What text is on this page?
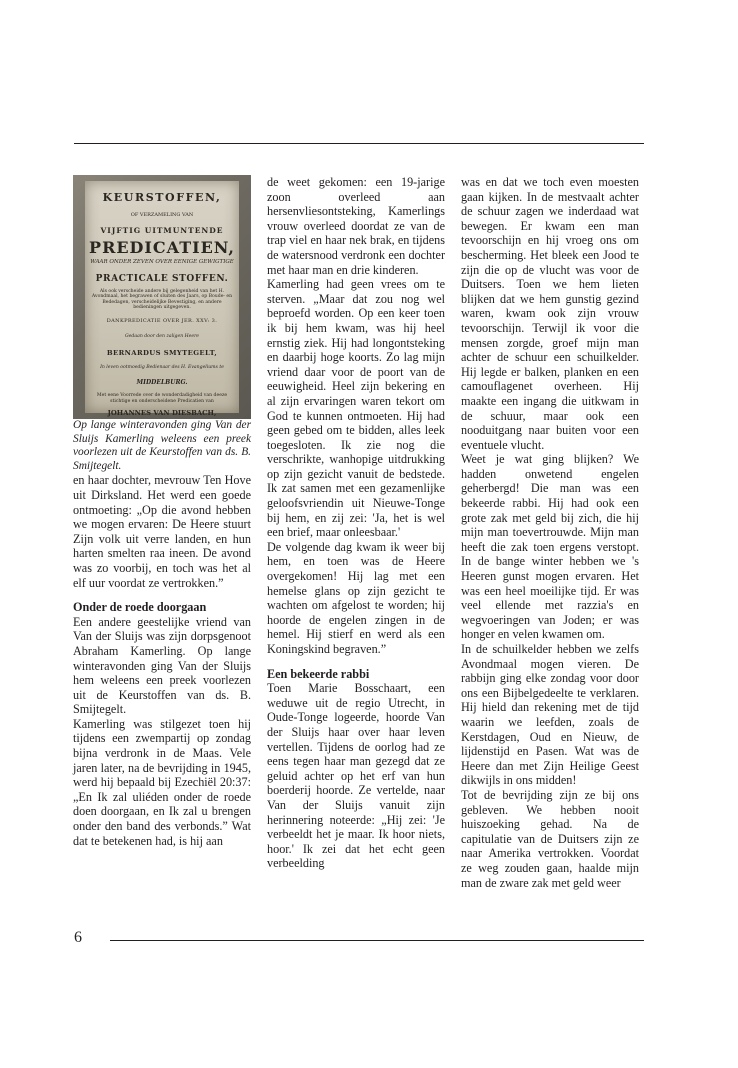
KEURSTOFFEN,
OF VERZAMELING VAN
VIJFTIG UITMUNTENDE
PREDICATIEN,
WAAR ONDER ZEVEN OVER EENIGE GEWIGTIGE
PRACTICALE STOFFEN.
Als ook verscheide andere bij gelegenheid van het H. Avondmaal, het begrawen of sluiten des Jaars, op Boude- en Bededagen, verscheidelijke Bevestiging, en andere bedieningen uitgegeven.
DANKPREDICATIE OVER JER. XXV: 3.
Gedaan door den zaligen Heere
BERNARDUS SMYTEGELT,
In leven ootmoedig Bedienaar des H. Evangeliums te
MIDDELBURG.
Met eene Voorrede over de wonderdadigheid van deeze stichtige en onderscheidene Predicatien van
JOHANNES VAN DIESBACH,

Op lange winteravonden ging Van der Sluijs Kamerling weleens een preek voorlezen uit de Keurstoffen van ds. B. Smijtegelt.

en haar dochter, mevrouw Ten Hove uit Dirksland. Het werd een goede ontmoeting: „Op die avond hebben we mogen ervaren: De Heere stuurt Zijn volk uit verre landen, en hun harten smelten raa ineen. De avond was zo voorbij, en toch was het al elf uur voordat ze vertrokken.”

Onder de roede doorgaan

Een andere geestelijke vriend van Van der Sluijs was zijn dorpsgenoot Abraham Kamerling. Op lange winteravonden ging Van der Sluijs hem weleens een preek voorlezen uit de Keurstoffen van ds. B. Smijtegelt.

Kamerling was stilgezet toen hij tijdens een zwempartij op zondag bijna verdronk in de Maas. Vele jaren later, na de bevrijding in 1945, werd hij bepaald bij Ezechiël 20:37: „En Ik zal uliéden onder de roede doen doorgaan, en Ik zal u brengen onder den band des verbonds.” Wat dat te betekenen had, is hij aan

de weet gekomen: een 19-jarige zoon overleed aan hersenvliesontsteking, Kamerlings vrouw overleed doordat ze van de trap viel en haar nek brak, en tijdens de watersnood verdronk een dochter met haar man en drie kinderen.

Kamerling had geen vrees om te sterven. „Maar dat zou nog wel beproefd worden. Op een keer toen ik bij hem kwam, was hij heel ernstig ziek. Hij had longontsteking en daarbij hoge koorts. Zo lag mijn vriend daar voor de poort van de eeuwigheid. Heel zijn bekering en al zijn ervaringen waren tekort om God te kunnen ontmoeten. Hij had geen gebed om te bidden, alles leek toegesloten. Ik zie nog die verschrikte, wanhopige uitdrukking op zijn gezicht vanuit de bedstede. Ik zat samen met een gezamenlijke geloofsvriendin uit Nieuwe-Tonge bij hem, en zij zei: 'Ja, het is wel een brief, maar onleesbaar.'

De volgende dag kwam ik weer bij hem, en toen was de Heere overgekomen! Hij lag met een hemelse glans op zijn gezicht te wachten om afgelost te worden; hij hoorde de engelen zingen in de hemel. Hij stierf en werd als een Koningskind begraven.”

Een bekeerde rabbi

Toen Marie Bosschaart, een weduwe uit de regio Utrecht, in Oude-Tonge logeerde, hoorde Van der Sluijs haar over haar leven vertellen. Tijdens de oorlog had ze eens tegen haar man gezegd dat ze geluid achter op het erf van hun boerderij hoorde. Ze vertelde, naar Van der Sluijs vanuit zijn herinnering noteerde: „Hij zei: 'Je verbeeldt het je maar. Ik hoor niets, hoor.' Ik zei dat het echt geen verbeelding

was en dat we toch even moesten gaan kijken. In de mestvaalt achter de schuur zagen we inderdaad wat bewegen. Er kwam een man tevoorschijn en hij vroeg ons om bescherming. Het bleek een Jood te zijn die op de vlucht was voor de Duitsers. Toen we hem lieten blijken dat we hem gunstig gezind waren, kwam ook zijn vrouw tevoorschijn. Terwijl ik voor die mensen zorgde, groef mijn man achter de schuur een schuilkelder. Hij legde er balken, planken en een camouflagenet overheen. Hij maakte een ingang die uitkwam in de schuur, maar ook een nooduitgang naar buiten voor een eventuele vlucht.

Weet je wat ging blijken? We hadden onwetend engelen geherbergd! Die man was een bekeerde rabbi. Hij had ook een grote zak met geld bij zich, die hij mijn man toevertrouwde. Mijn man heeft die zak toen ergens verstopt. In de bange winter hebben we 's Heeren gunst mogen ervaren. Het was een heel moeilijke tijd. Er was veel ellende met razzia's en wegvoeringen van Joden; er was honger en velen kwamen om.

In de schuilkelder hebben we zelfs Avondmaal mogen vieren. De rabbijn ging elke zondag voor door ons een Bijbelgedeelte te verklaren. Hij hield dan rekening met de tijd waarin we leefden, zoals de Kerstdagen, Oud en Nieuw, de lijdenstijd en Pasen. Wat was de Heere dan met Zijn Heilige Geest dikwijls in ons midden!

Tot de bevrijding zijn ze bij ons gebleven. We hebben nooit huiszoeking gehad. Na de capitulatie van de Duitsers zijn ze naar Amerika vertrokken. Voordat ze weg zouden gaan, haalde mijn man de zware zak met geld weer

6
